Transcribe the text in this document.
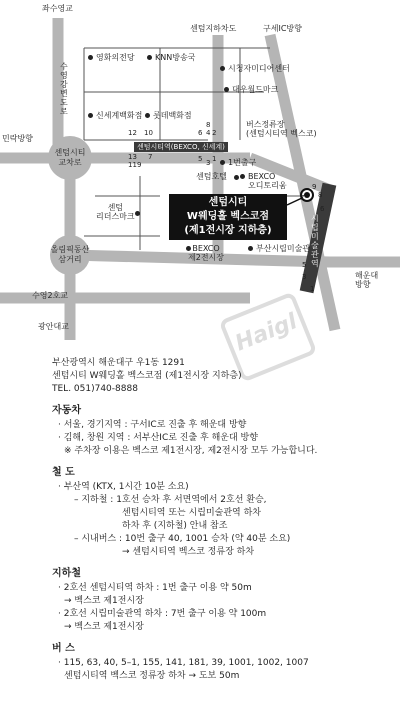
좌수영교
센텀지하차도	구세IC방향
수영강변도로
민락방향
수영2호교
광안대교
해운대
방향
센텀시티
교차로
올림픽동산
삼거리
영화의전당	KNN방송국
시청자미디어센터
대우월드마크
신세계백화점 롯데백화점
버스정류장
(센텀시티역 벡스코)
1번출구
센텀호텔	BEXCO
오디토리움
센텀
리더스마크
BEXCO
제2전시장
부산시립미술관
센텀시티역(BEXCO, 신세계)
시립미술관역
12 10
13
11 9
7
6
8
4 2
5 3 1
7
9
8
6
5
3
1
센텀시티
W웨딩홀 벡스코점
(제1전시장 지하층)
Haigl

부산광역시 해운대구 우1동 1291

센텀시티 W웨딩홀 벡스코점 (제1전시장 지하층)

TEL. 051)740-8888

자동차

· 서울, 경기지역 : 구서IC로 진출 후 해운대 방향

· 김해, 창원 지역 : 서부산IC로 진출 후 해운대 방향

※ 주차장 이용은 벡스코 제1전시장, 제2전시장 모두 가능합니다.

철 도

· 부산역 (KTX, 1시간 10분 소요)

– 지하철 : 1호선 승차 후 서면역에서 2호선 환승,

센텀시티역 또는 시립미술관역 하차

하차 후 (지하철) 안내 참조

– 시내버스 : 10번 출구 40, 1001 승차 (약 40분 소요)

→ 센텀시티역 벡스코 정류장 하차

지하철

· 2호선 센텀시티역 하차 : 1번 출구 이용 약 50m

→ 벡스코 제1전시장

· 2호선 시립미술관역 하차 : 7번 출구 이용 약 100m

→ 벡스코 제1전시장

버 스

· 115, 63, 40, 5–1, 155, 141, 181, 39, 1001, 1002, 1007

센텀시티역 벡스코 정류장 하차 → 도보 50m
